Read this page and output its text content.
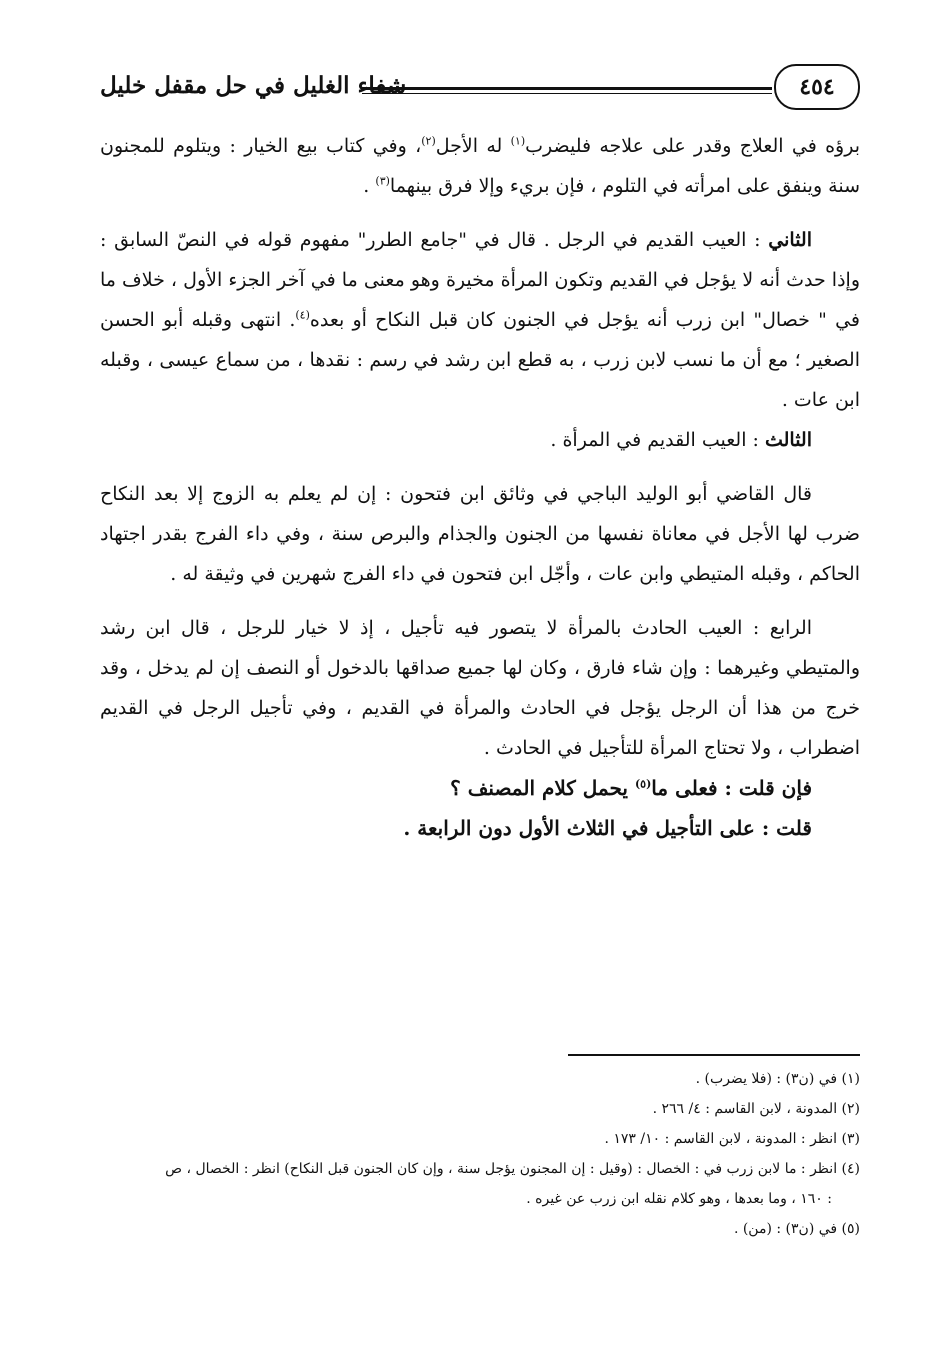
٤٥٤
شفاء الغليل في حل مقفل خليل

برؤه في العلاج وقدر على علاجه فليضرب$^{(١)}$ له الأجل$^{(٢)}$، وفي كتاب بيع الخيار : ويتلوم للمجنون سنة وينفق على امرأته في التلوم ، فإن بريء وإلا فرق بينهما$^{(٣)}$ .

الثاني : العيب القديم في الرجل . قال في "جامع الطرر" مفهوم قوله في النصّ السابق : وإذا حدث أنه لا يؤجل في القديم وتكون المرأة مخيرة وهو معنى ما في آخر الجزء الأول ، خلاف ما في " خصال" ابن زرب أنه يؤجل في الجنون كان قبل النكاح أو بعده$^{(٤)}$. انتهى وقبله أبو الحسن الصغير ؛ مع أن ما نسب لابن زرب ، به قطع ابن رشد في رسم : نقدها ، من سماع عيسى ، وقبله ابن عات .

الثالث : العيب القديم في المرأة .

قال القاضي أبو الوليد الباجي في وثائق ابن فتحون : إن لم يعلم به الزوج إلا بعد النكاح ضرب لها الأجل في معاناة نفسها من الجنون والجذام والبرص سنة ، وفي داء الفرج بقدر اجتهاد الحاكم ، وقبله المتيطي وابن عات ، وأجّل ابن فتحون في داء الفرج شهرين في وثيقة له .

الرابع : العيب الحادث بالمرأة لا يتصور فيه تأجيل ، إذ لا خيار للرجل ، قال ابن رشد والمتيطي وغيرهما : وإن شاء فارق ، وكان لها جميع صداقها بالدخول أو النصف إن لم يدخل ، وقد خرج من هذا أن الرجل يؤجل في الحادث والمرأة في القديم ، وفي تأجيل الرجل في القديم اضطراب ، ولا تحتاج المرأة للتأجيل في الحادث .

فإن قلت : فعلى ما$^{(٥)}$ يحمل كلام المصنف ؟

قلت : على التأجيل في الثلاث الأول دون الرابعة .

(١) في (ن٣) : (فلا يضرب) .

(٢) المدونة ، لابن القاسم : ٤/ ٢٦٦ .

(٣) انظر : المدونة ، لابن القاسم : ١٠/ ١٧٣ .

(٤) انظر : ما لابن زرب في : الخصال : (وقيل : إن المجنون يؤجل سنة ، وإن كان الجنون قبل النكاح) انظر : الخصال ، ص

: ١٦٠ ، وما بعدها ، وهو كلام نقله ابن زرب عن غيره .

(٥) في (ن٣) : (من) .
